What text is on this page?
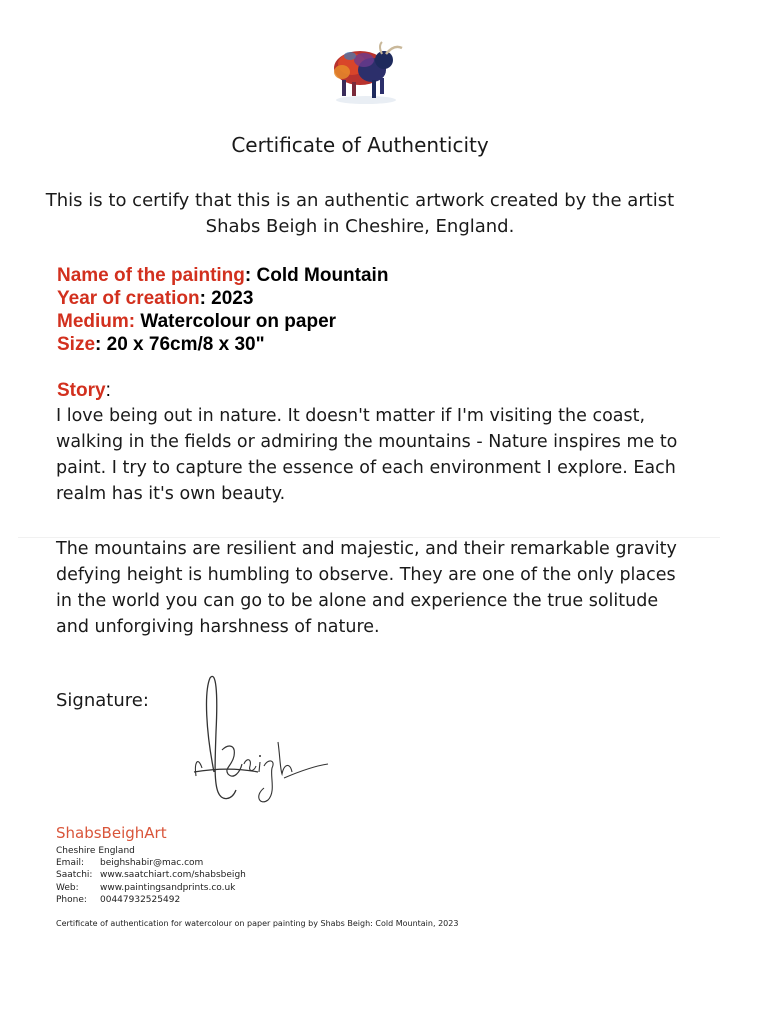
Certificate of Authenticity
This is to certify that this is an authentic artwork created by the artist
Shabs Beigh in Cheshire, England.
Name of the painting: Cold Mountain
Year of creation: 2023
Medium: Watercolour on paper
Size: 20 x 76cm/8 x 30"
Story:
I love being out in nature. It doesn't matter if I'm visiting the coast, walking in the fields or admiring the mountains - Nature inspires me to paint. I try to capture the essence of each environment I explore. Each realm has it's own beauty.
The mountains are resilient and majestic, and their remarkable gravity defying height is humbling to observe. They are one of the only places in the world you can go to be alone and experience the true solitude and unforgiving harshness of nature.
Signature:
ShabsBeighArt
Cheshire England
Email:	beighshabir@mac.com
Saatchi: www.saatchiart.com/shabsbeigh
Web:	www.paintingsandprints.co.uk
Phone:	00447932525492
Certificate of authentication for watercolour on paper painting by Shabs Beigh: Cold Mountain, 2023
